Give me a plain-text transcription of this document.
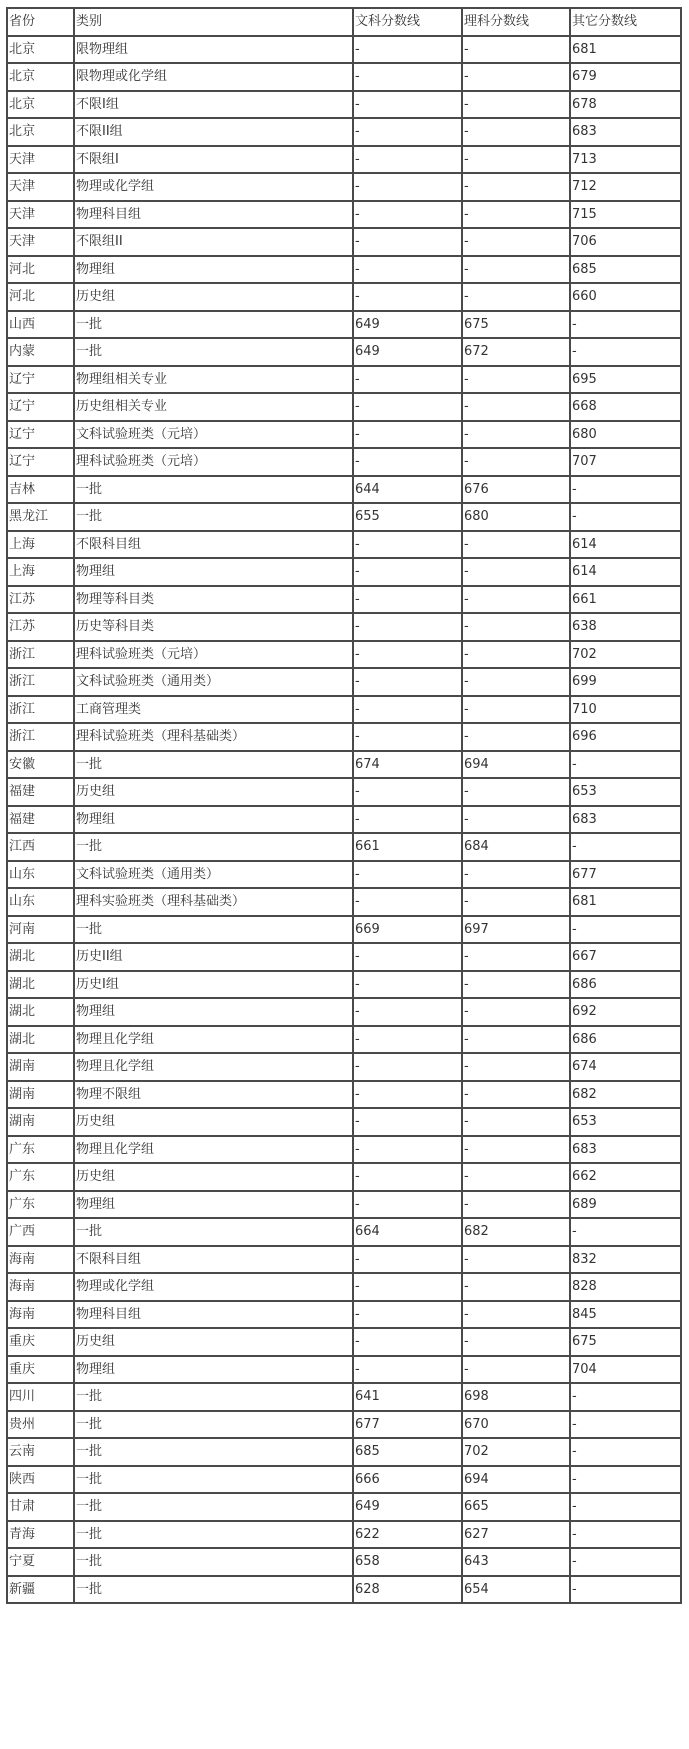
省份	类别	文科分数线	理科分数线	其它分数线
北京	限物理组	-	-	681
北京	限物理或化学组	-	-	679
北京	不限I组	-	-	678
北京	不限II组	-	-	683
天津	不限组I	-	-	713
天津	物理或化学组	-	-	712
天津	物理科目组	-	-	715
天津	不限组II	-	-	706
河北	物理组	-	-	685
河北	历史组	-	-	660
山西	一批	649	675	-
内蒙	一批	649	672	-
辽宁	物理组相关专业	-	-	695
辽宁	历史组相关专业	-	-	668
辽宁	文科试验班类（元培）	-	-	680
辽宁	理科试验班类（元培）	-	-	707
吉林	一批	644	676	-
黑龙江	一批	655	680	-
上海	不限科目组	-	-	614
上海	物理组	-	-	614
江苏	物理等科目类	-	-	661
江苏	历史等科目类	-	-	638
浙江	理科试验班类（元培）	-	-	702
浙江	文科试验班类（通用类）	-	-	699
浙江	工商管理类	-	-	710
浙江	理科试验班类（理科基础类）	-	-	696
安徽	一批	674	694	-
福建	历史组	-	-	653
福建	物理组	-	-	683
江西	一批	661	684	-
山东	文科试验班类（通用类）	-	-	677
山东	理科实验班类（理科基础类）	-	-	681
河南	一批	669	697	-
湖北	历史II组	-	-	667
湖北	历史I组	-	-	686
湖北	物理组	-	-	692
湖北	物理且化学组	-	-	686
湖南	物理且化学组	-	-	674
湖南	物理不限组	-	-	682
湖南	历史组	-	-	653
广东	物理且化学组	-	-	683
广东	历史组	-	-	662
广东	物理组	-	-	689
广西	一批	664	682	-
海南	不限科目组	-	-	832
海南	物理或化学组	-	-	828
海南	物理科目组	-	-	845
重庆	历史组	-	-	675
重庆	物理组	-	-	704
四川	一批	641	698	-
贵州	一批	677	670	-
云南	一批	685	702	-
陕西	一批	666	694	-
甘肃	一批	649	665	-
青海	一批	622	627	-
宁夏	一批	658	643	-
新疆	一批	628	654	-
